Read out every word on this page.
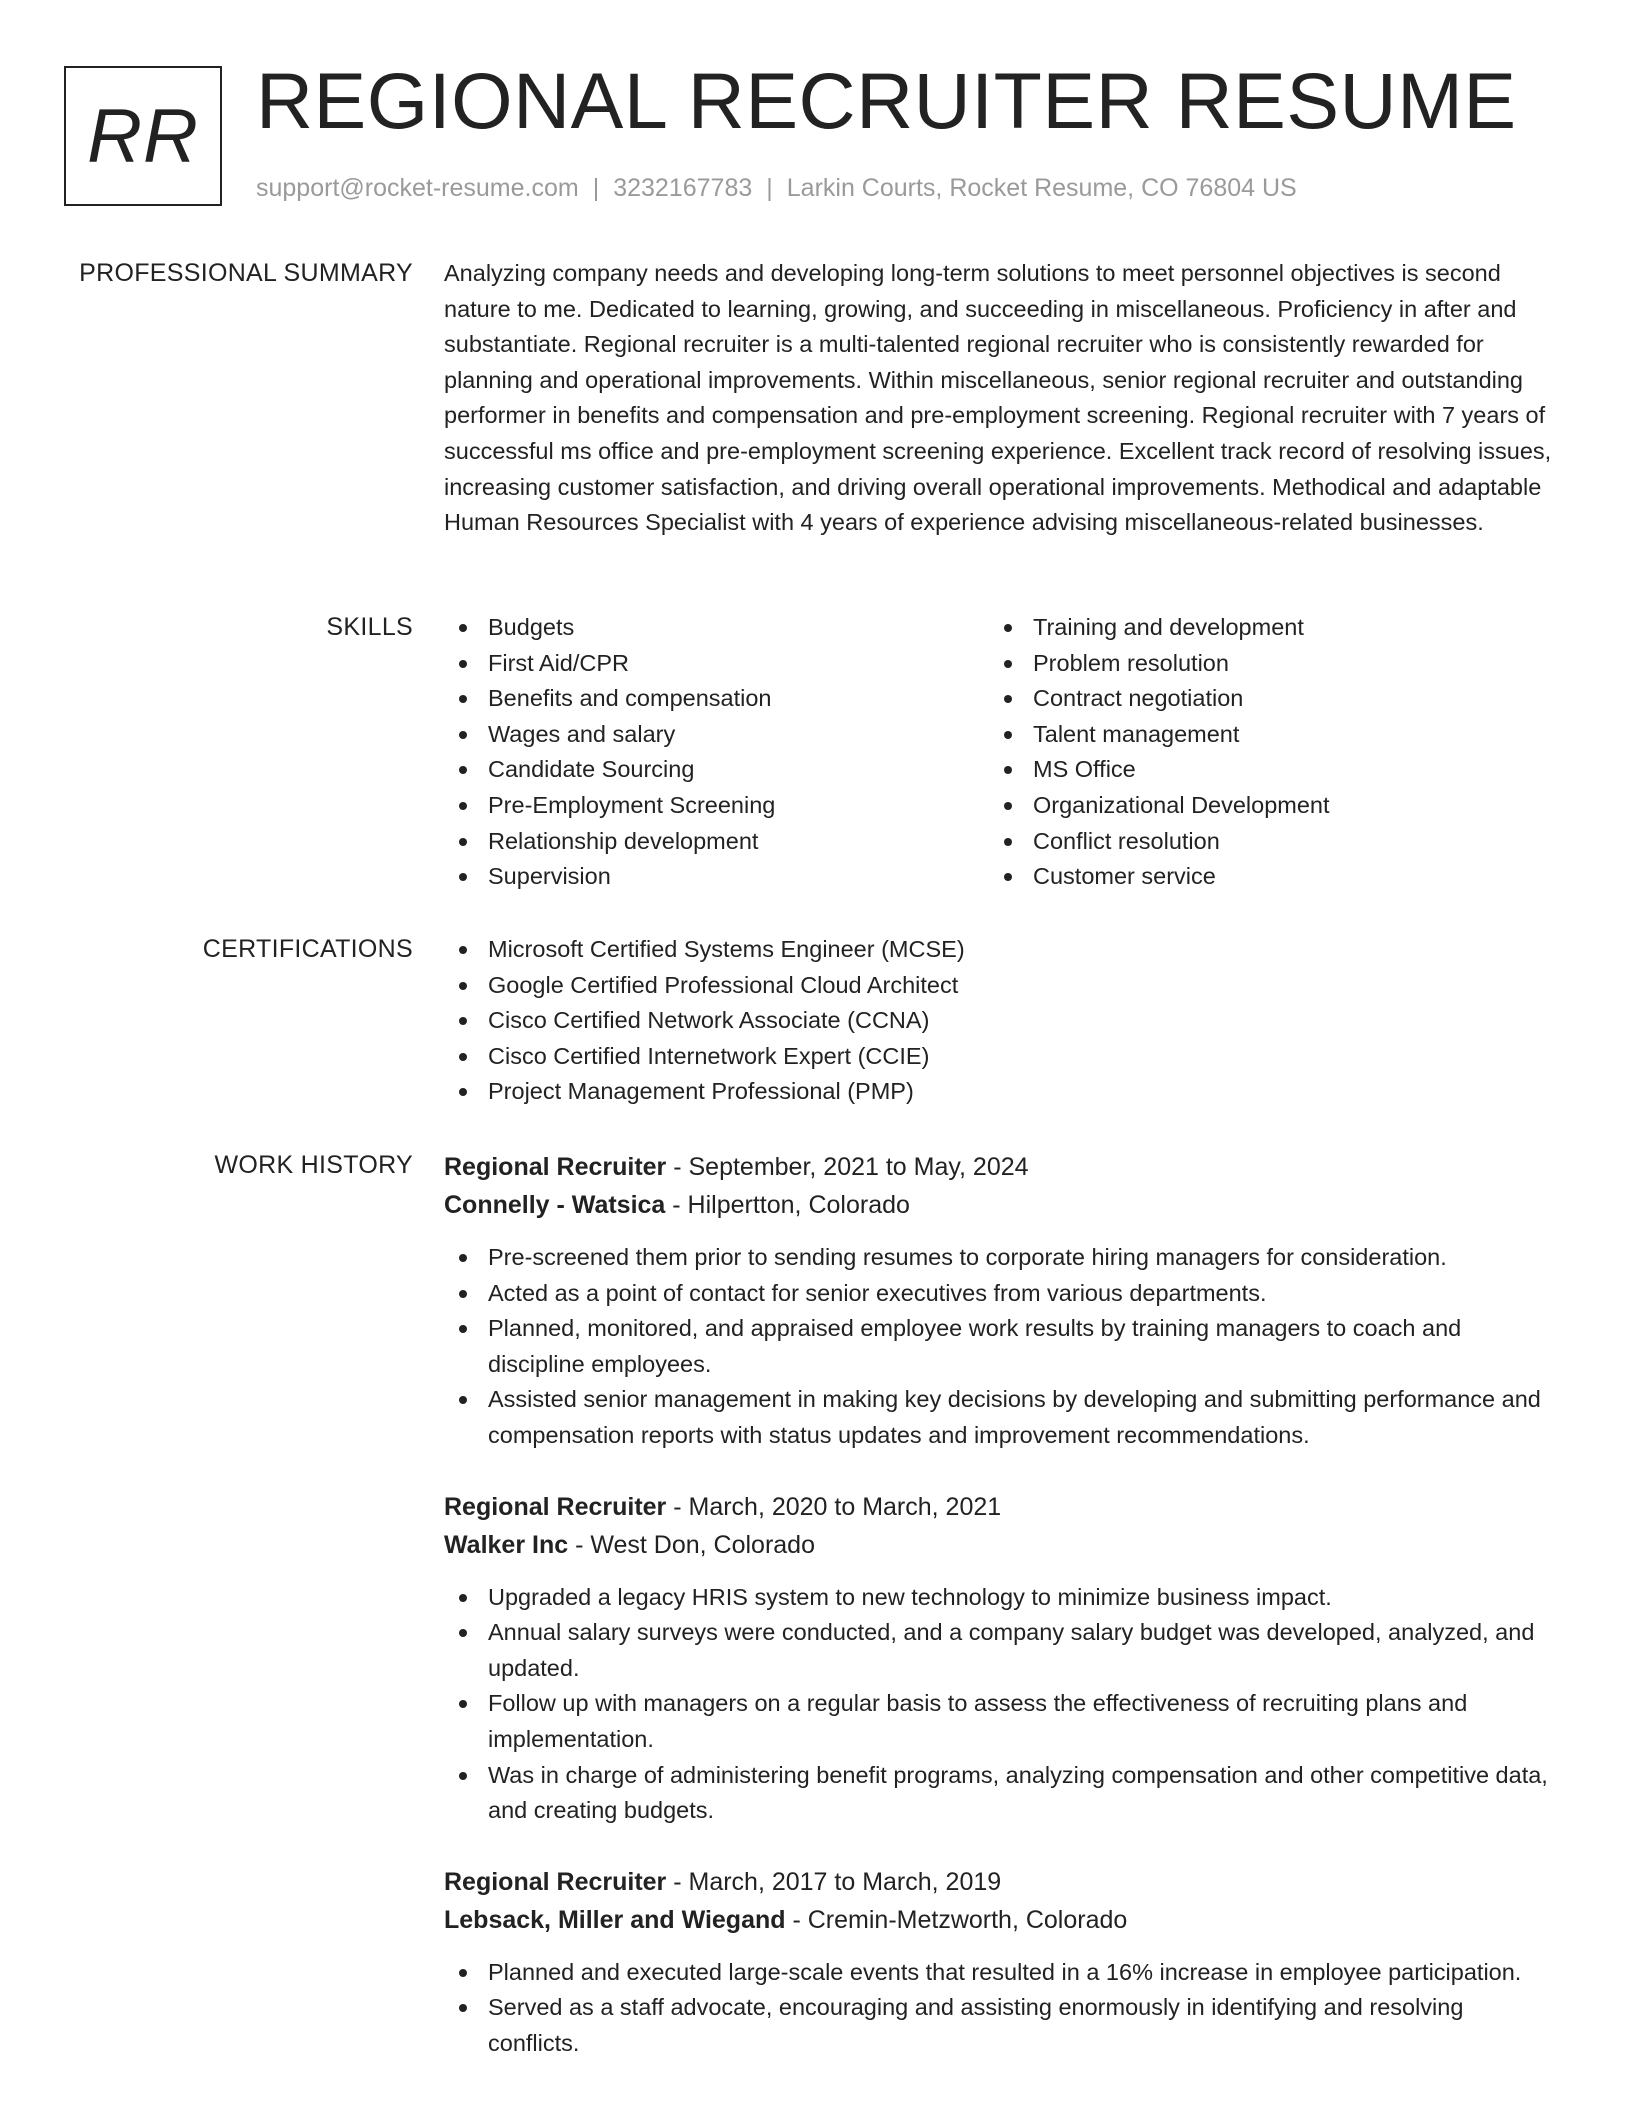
RR REGIONAL RECRUITER RESUME
support@rocket-resume.com | 3232167783 | Larkin Courts, Rocket Resume, CO 76804 US
PROFESSIONAL SUMMARY Analyzing company needs and developing long-term solutions to meet personnel objectives is second nature to me. Dedicated to learning, growing, and succeeding in miscellaneous. Proficiency in after and substantiate. Regional recruiter is a multi-talented regional recruiter who is consistently rewarded for planning and operational improvements. Within miscellaneous, senior regional recruiter and outstanding performer in benefits and compensation and pre-employment screening. Regional recruiter with 7 years of successful ms office and pre-employment screening experience. Excellent track record of resolving issues, increasing customer satisfaction, and driving overall operational improvements. Methodical and adaptable Human Resources Specialist with 4 years of experience advising miscellaneous-related businesses.

SKILLS	Budgets
First Aid/CPR
Benefits and compensation
Wages and salary
Candidate Sourcing
Pre-Employment Screening
Relationship development
Supervision
Training and development
Problem resolution
Contract negotiation
Talent management
MS Office
Organizational Development
Conflict resolution
Customer service
CERTIFICATIONS	Microsoft Certified Systems Engineer (MCSE)
Google Certified Professional Cloud Architect
Cisco Certified Network Associate (CCNA)
Cisco Certified Internetwork Expert (CCIE)
Project Management Professional (PMP)
WORK HISTORY Regional Recruiter - September, 2021 to May, 2024
Connelly - Watsica - Hilpertton, Colorado
Pre-screened them prior to sending resumes to corporate hiring managers for consideration.
Acted as a point of contact for senior executives from various departments.
Planned, monitored, and appraised employee work results by training managers to coach and discipline employees.
Assisted senior management in making key decisions by developing and submitting performance and compensation reports with status updates and improvement recommendations.
Regional Recruiter - March, 2020 to March, 2021
Walker Inc - West Don, Colorado
Upgraded a legacy HRIS system to new technology to minimize business impact.
Annual salary surveys were conducted, and a company salary budget was developed, analyzed, and updated.
Follow up with managers on a regular basis to assess the effectiveness of recruiting plans and implementation.
Was in charge of administering benefit programs, analyzing compensation and other competitive data, and creating budgets.
Regional Recruiter - March, 2017 to March, 2019
Lebsack, Miller and Wiegand - Cremin-Metzworth, Colorado
Planned and executed large-scale events that resulted in a 16% increase in employee participation.
Served as a staff advocate, encouraging and assisting enormously in identifying and resolving conflicts.
